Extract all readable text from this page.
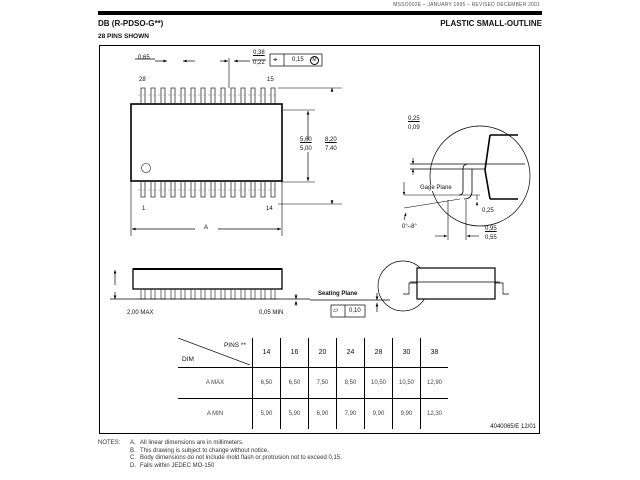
MSSO002E – JANUARY 1995 – REVISED DECEMBER 2001
DB (R-PDSO-G**)	PLASTIC SMALL-OUTLINE
28 PINS SHOWN
0,65
0,38
0,22 ⌖ 0,15	M
28	15
1	14
5,60
5,00
8,20
7,40
A
0,25
0,09
Gage Plane
0,25
0°–8°	0,95
0,55
2,00 MAX	0,05 MIN
Seating Plane
⏥ 0,10
PINS **
DIM	14	16	20	24	28	30	38
A MAX	6,50	6,50	7,50	8,50	10,50	10,50	12,90
A MIN	5,90	5,90	6,90	7,90	9,90	9,90	12,30
4040065/E 12/01
NOTES: A. All linear dimensions are in millimeters.
B. This drawing is subject to change without notice.
C. Body dimensions do not include mold flash or protrusion not to exceed 0,15.
D. Falls within JEDEC MO-150
